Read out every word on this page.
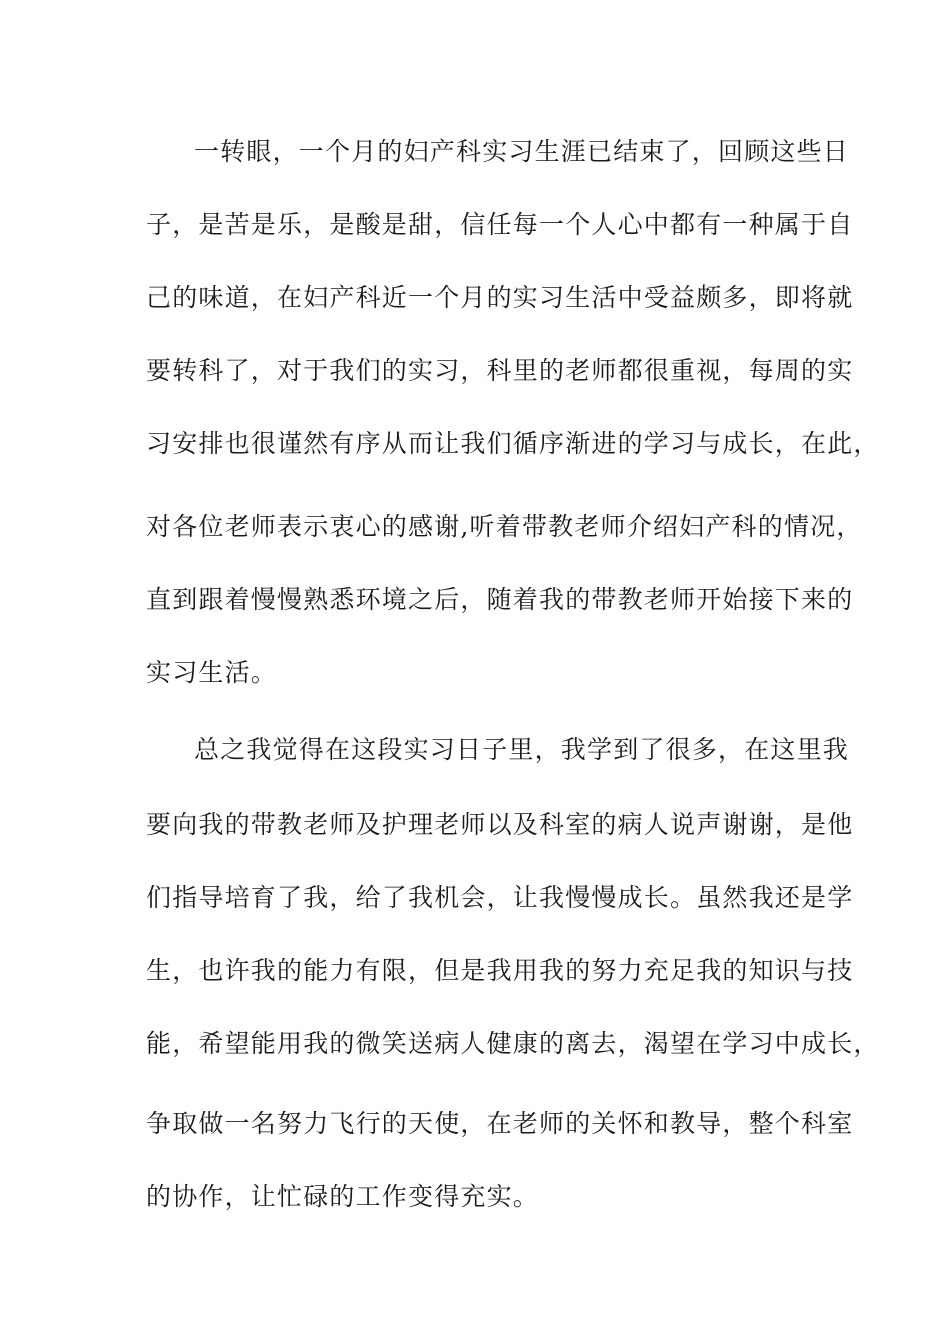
一转眼，一个月的妇产科实习生涯已结束了，回顾这些日
子，是苦是乐，是酸是甜，信任每一个人心中都有一种属于自
己的味道，在妇产科近一个月的实习生活中受益颇多，即将就
要转科了，对于我们的实习，科里的老师都很重视，每周的实
习安排也很谨然有序从而让我们循序渐进的学习与成长，在此，
对各位老师表示衷心的感谢,听着带教老师介绍妇产科的情况，
直到跟着慢慢熟悉环境之后，随着我的带教老师开始接下来的
实习生活。
总之我觉得在这段实习日子里，我学到了很多，在这里我
要向我的带教老师及护理老师以及科室的病人说声谢谢，是他
们指导培育了我，给了我机会，让我慢慢成长。虽然我还是学
生，也许我的能力有限，但是我用我的努力充足我的知识与技
能，希望能用我的微笑送病人健康的离去，渴望在学习中成长，
争取做一名努力飞行的天使，在老师的关怀和教导，整个科室
的协作，让忙碌的工作变得充实。
